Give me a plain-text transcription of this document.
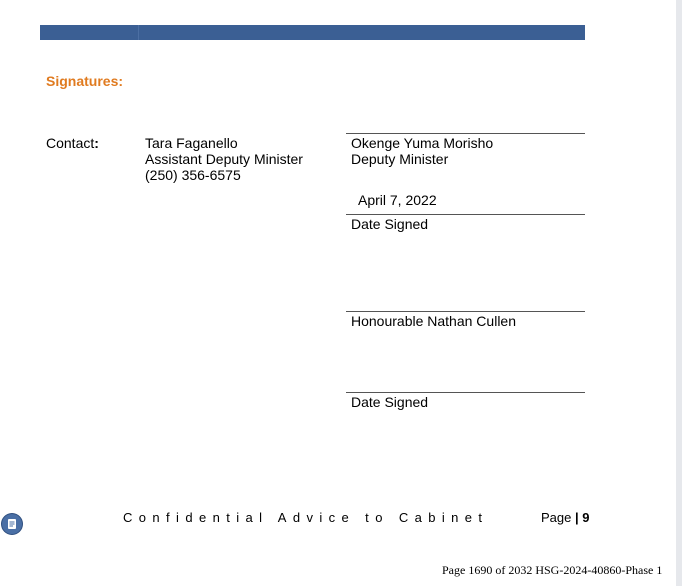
Signatures:
Contact:	Tara Faganello
Assistant Deputy Minister
(250) 356-6575
Okenge Yuma Morisho
Deputy Minister
April 7, 2022
Date Signed
Honourable Nathan Cullen
Date Signed
Confidential Advice to Cabinet	Page | 9
Page 1690 of 2032 HSG-2024-40860-Phase 1
